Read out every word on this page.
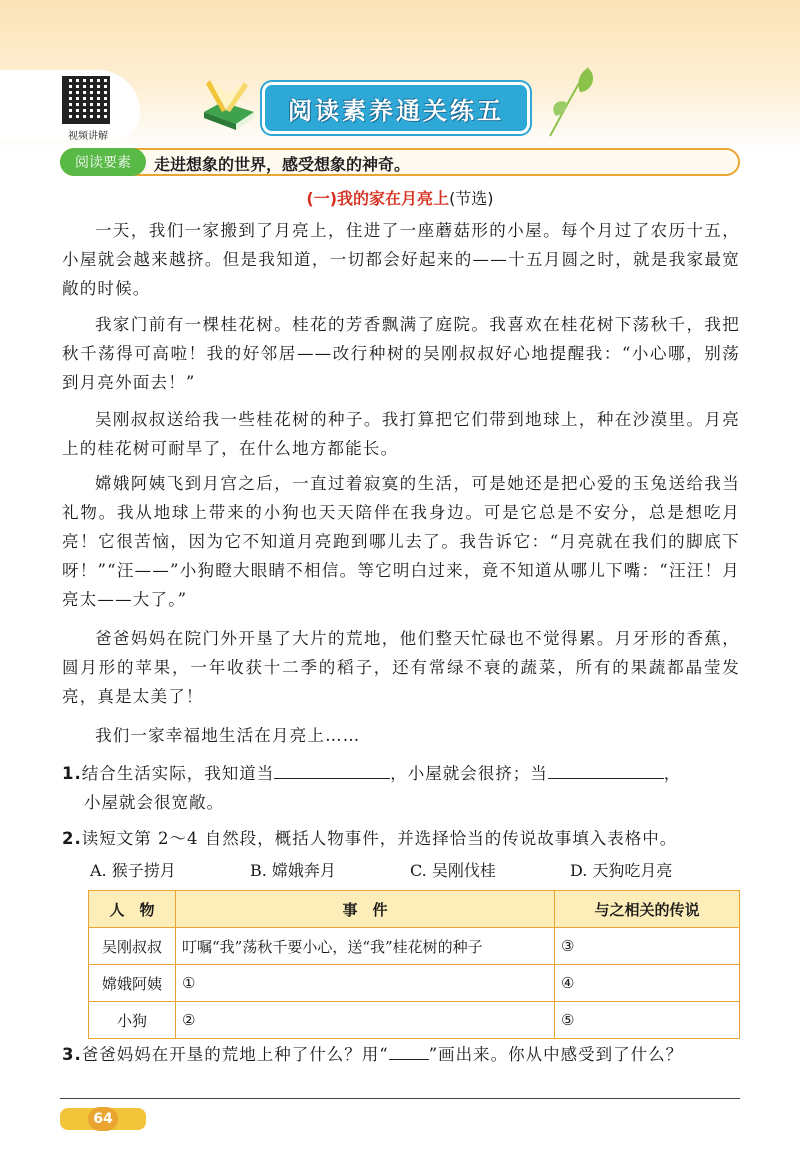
视频讲解
阅读素养通关练五
阅读要素	走进想象的世界，感受想象的神奇。
(一)我的家在月亮上(节选)

一天，我们一家搬到了月亮上，住进了一座蘑菇形的小屋。每个月过了农历十五，小屋就会越来越挤。但是我知道，一切都会好起来的——十五月圆之时，就是我家最宽敞的时候。

我家门前有一棵桂花树。桂花的芳香飘满了庭院。我喜欢在桂花树下荡秋千，我把秋千荡得可高啦！我的好邻居——改行种树的吴刚叔叔好心地提醒我：“小心哪，别荡到月亮外面去！”

吴刚叔叔送给我一些桂花树的种子。我打算把它们带到地球上，种在沙漠里。月亮上的桂花树可耐旱了，在什么地方都能长。

嫦娥阿姨飞到月宫之后，一直过着寂寞的生活，可是她还是把心爱的玉兔送给我当礼物。我从地球上带来的小狗也天天陪伴在我身边。可是它总是不安分，总是想吃月亮！它很苦恼，因为它不知道月亮跑到哪儿去了。我告诉它：“月亮就在我们的脚底下呀！”“汪——”小狗瞪大眼睛不相信。等它明白过来，竟不知道从哪儿下嘴：“汪汪！月亮太——大了。”

爸爸妈妈在院门外开垦了大片的荒地，他们整天忙碌也不觉得累。月牙形的香蕉，圆月形的苹果，一年收获十二季的稻子，还有常绿不衰的蔬菜，所有的果蔬都晶莹发亮，真是太美了！

我们一家幸福地生活在月亮上……

1.结合生活实际，我知道当	，小屋就会很挤；当	，
小屋就会很宽敞。
2.读短文第 2～4 自然段，概括人物事件，并选择恰当的传说故事填入表格中。
A. 猴子捞月	B. 嫦娥奔月	C. 吴刚伐桂	D. 天狗吃月亮
人　物	事　件	与之相关的传说
吴刚叔叔	叮嘱“我”荡秋千要小心，送“我”桂花树的种子	③
嫦娥阿姨	①	④
小狗	②	⑤
3.爸爸妈妈在开垦的荒地上种了什么？用“ ”画出来。你从中感受到了什么？
64
